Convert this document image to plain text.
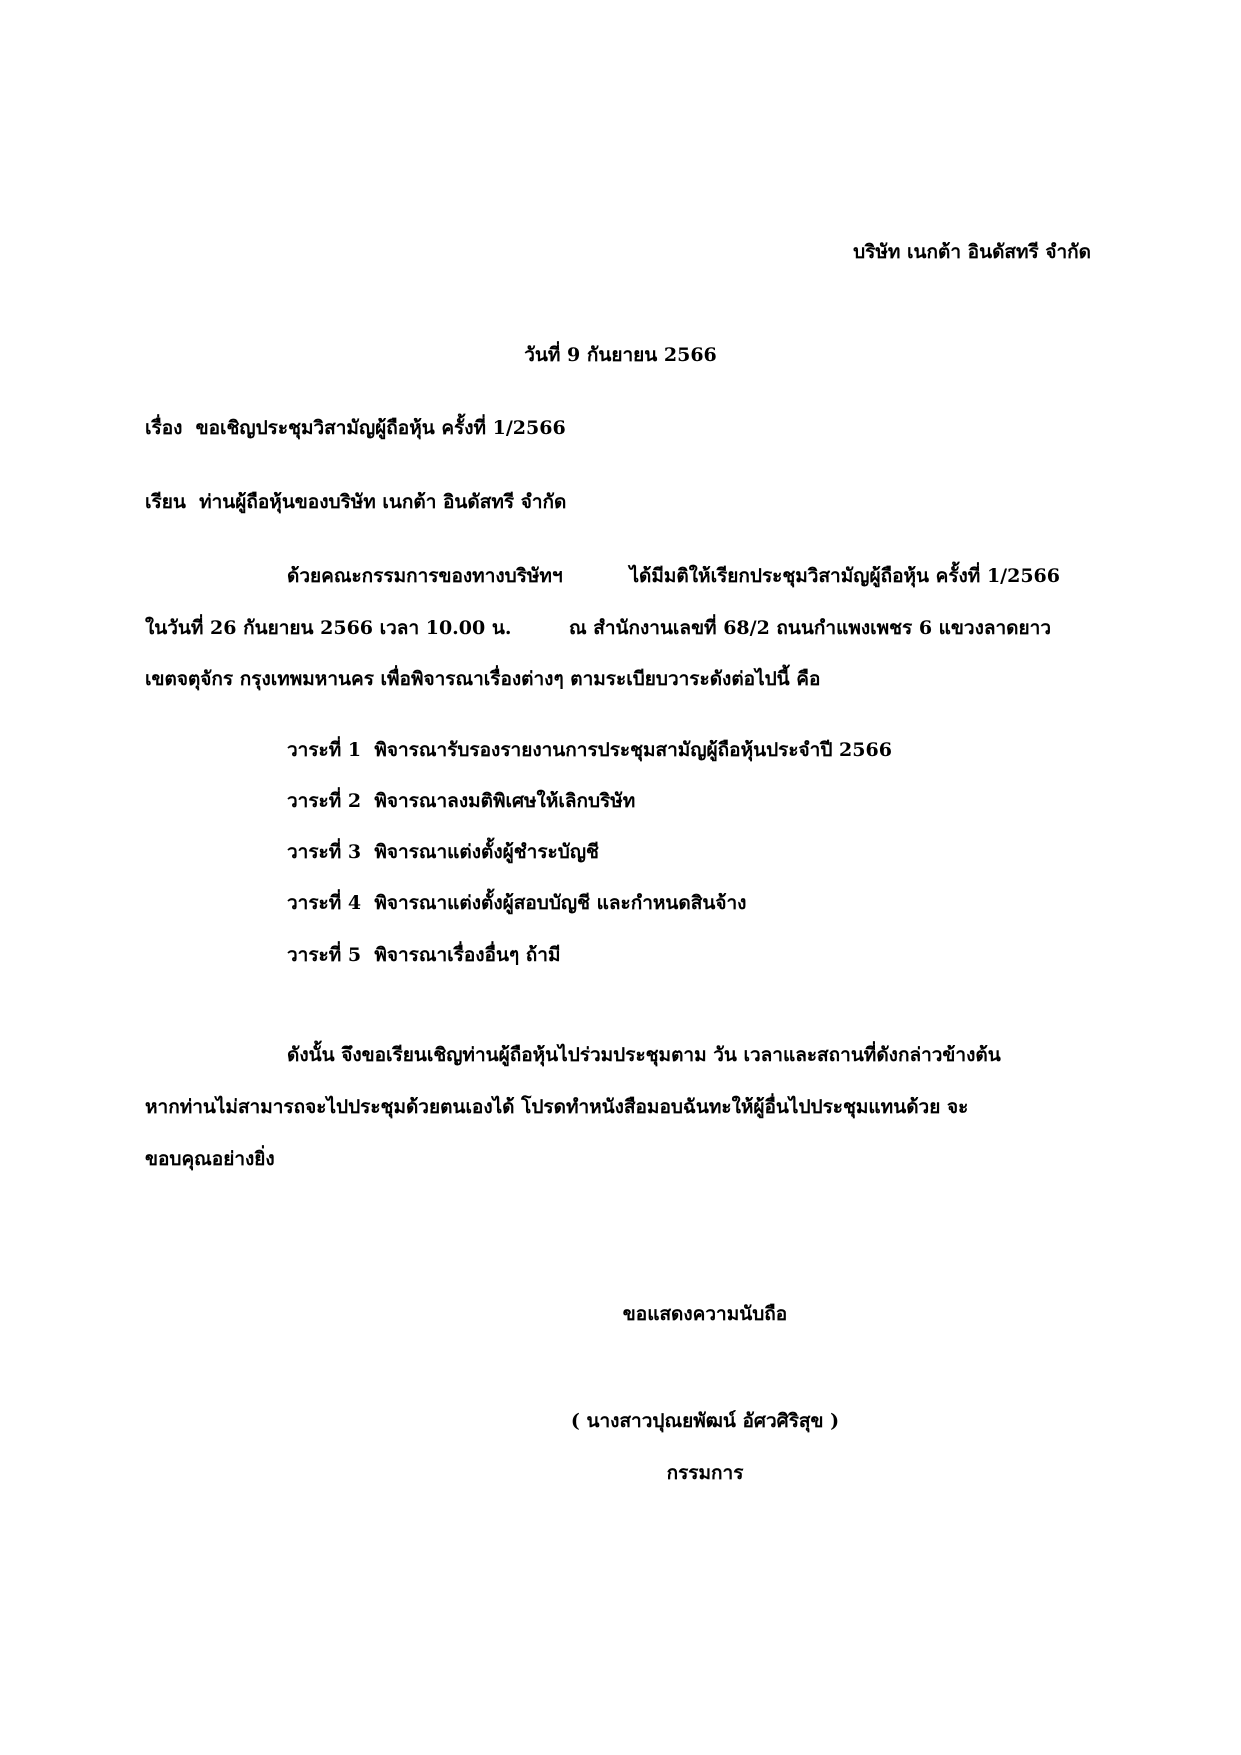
บริษัท เนกต้า อินดัสทรี จำกัด
วันที่ 9 กันยายน 2566
เรื่อง ขอเชิญประชุมวิสามัญผู้ถือหุ้น ครั้งที่ 1/2566
เรียน ท่านผู้ถือหุ้นของบริษัท เนกต้า อินดัสทรี จำกัด
ด้วยคณะกรรมการของทางบริษัทฯ	ได้มีมติให้เรียกประชุมวิสามัญผู้ถือหุ้น ครั้งที่ 1/2566
ในวันที่ 26 กันยายน 2566 เวลา 10.00 น.	ณ สำนักงานเลขที่ 68/2 ถนนกำแพงเพชร 6 แขวงลาดยาว
เขตจตุจักร กรุงเทพมหานคร เพื่อพิจารณาเรื่องต่างๆ ตามระเบียบวาระดังต่อไปนี้ คือ
วาระที่ 1 พิจารณารับรองรายงานการประชุมสามัญผู้ถือหุ้นประจำปี 2566
วาระที่ 2 พิจารณาลงมติพิเศษให้เลิกบริษัท
วาระที่ 3 พิจารณาแต่งตั้งผู้ชำระบัญชี
วาระที่ 4 พิจารณาแต่งตั้งผู้สอบบัญชี และกำหนดสินจ้าง
วาระที่ 5 พิจารณาเรื่องอื่นๆ ถ้ามี
ดังนั้น จึงขอเรียนเชิญท่านผู้ถือหุ้นไปร่วมประชุมตาม วัน เวลาและสถานที่ดังกล่าวข้างต้น
หากท่านไม่สามารถจะไปประชุมด้วยตนเองได้ โปรดทำหนังสือมอบฉันทะให้ผู้อื่นไปประชุมแทนด้วย จะ
ขอบคุณอย่างยิ่ง
ขอแสดงความนับถือ
( นางสาวปุณยพัฒน์ อัศวศิริสุข )
กรรมการ
